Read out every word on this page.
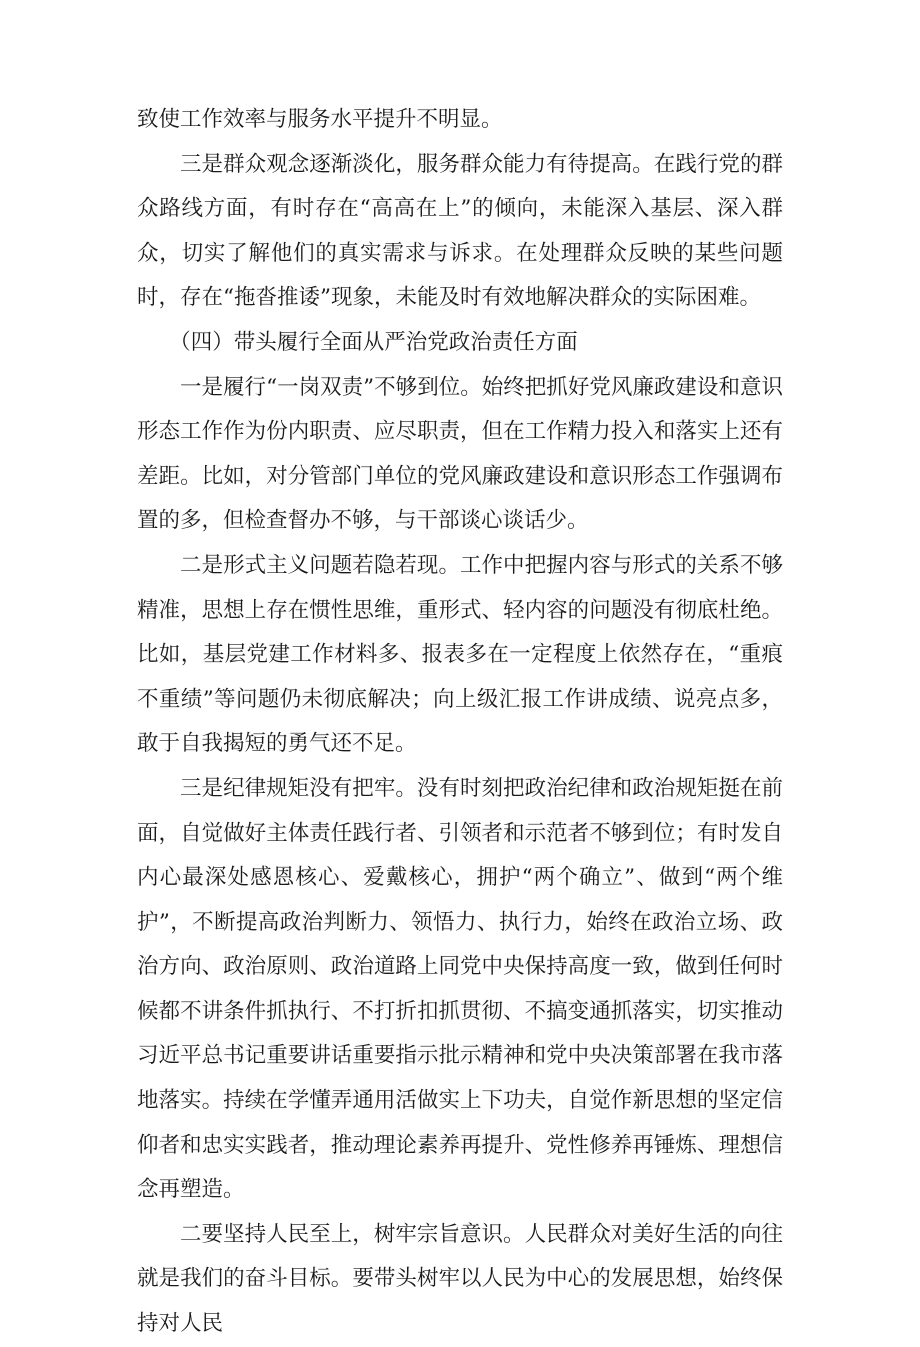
致使工作效率与服务水平提升不明显。

三是群众观念逐渐淡化，服务群众能力有待提高。在践行党的群众路线方面，有时存在“高高在上”的倾向，未能深入基层、深入群众，切实了解他们的真实需求与诉求。在处理群众反映的某些问题时，存在“拖沓推诿”现象，未能及时有效地解决群众的实际困难。

（四）带头履行全面从严治党政治责任方面

一是履行“一岗双责”不够到位。始终把抓好党风廉政建设和意识形态工作作为份内职责、应尽职责，但在工作精力投入和落实上还有差距。比如，对分管部门单位的党风廉政建设和意识形态工作强调布置的多，但检查督办不够，与干部谈心谈话少。

二是形式主义问题若隐若现。工作中把握内容与形式的关系不够精准，思想上存在惯性思维，重形式、轻内容的问题没有彻底杜绝。比如，基层党建工作材料多、报表多在一定程度上依然存在，“重痕不重绩”等问题仍未彻底解决；向上级汇报工作讲成绩、说亮点多，敢于自我揭短的勇气还不足。

三是纪律规矩没有把牢。没有时刻把政治纪律和政治规矩挺在前面，自觉做好主体责任践行者、引领者和示范者不够到位；有时发自内心最深处感恩核心、爱戴核心，拥护“两个确立”、做到“两个维护”，不断提高政治判断力、领悟力、执行力，始终在政治立场、政治方向、政治原则、政治道路上同党中央保持高度一致，做到任何时候都不讲条件抓执行、不打折扣抓贯彻、不搞变通抓落实，切实推动习近平总书记重要讲话重要指示批示精神和党中央决策部署在我市落地落实。持续在学懂弄通用活做实上下功夫，自觉作新思想的坚定信仰者和忠实实践者，推动理论素养再提升、党性修养再锤炼、理想信念再塑造。

二要坚持人民至上，树牢宗旨意识。人民群众对美好生活的向往就是我们的奋斗目标。要带头树牢以人民为中心的发展思想，始终保持对人民
